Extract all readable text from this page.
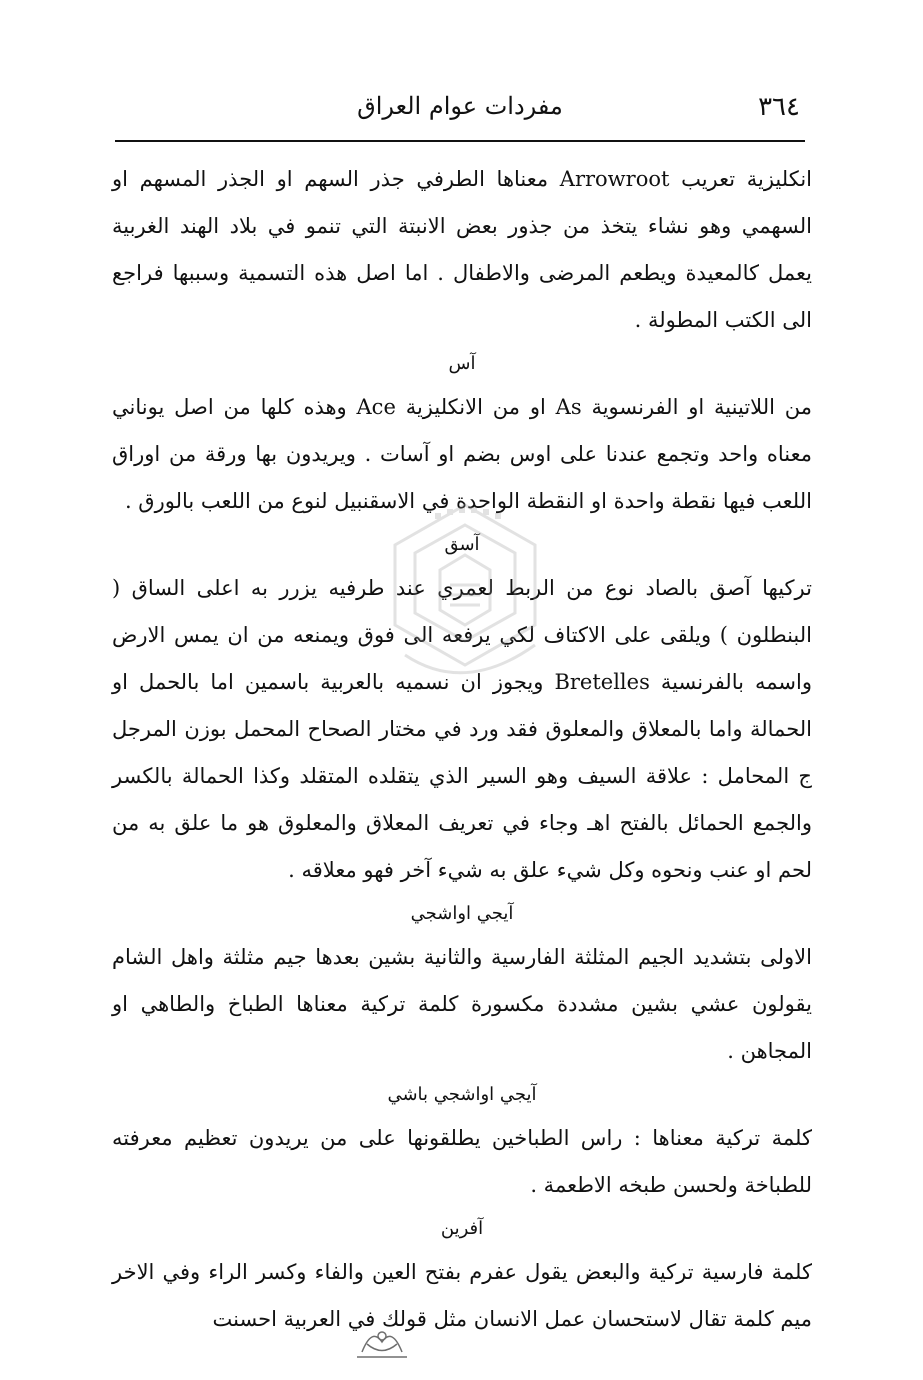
مفردات عوام العراق	٣٦٤

انكليزية تعريب Arrowroot معناها الطرفي جذر السهم او الجذر المسهم او السهمي وهو نشاء يتخذ من جذور بعض الانبتة التي تنمو في بلاد الهند الغربية يعمل كالمعيدة ويطعم المرضى والاطفال . اما اصل هذه التسمية وسببها فراجع الى الكتب المطولة .

آس

من اللاتينية او الفرنسوية As او من الانكليزية Ace وهذه كلها من اصل يوناني معناه واحد وتجمع عندنا على اوس بضم او آسات . ويريدون بها ورقة من اوراق اللعب فيها نقطة واحدة او النقطة الواحدة في الاسقنبيل لنوع من اللعب بالورق .

آسق

تركيها آصق بالصاد نوع من الربط لعمري عند طرفيه يزرر به اعلى الساق ( البنطلون ) ويلقى على الاكتاف لكي يرفعه الى فوق ويمنعه من ان يمس الارض واسمه بالفرنسية Bretelles ويجوز ان نسميه بالعربية باسمين اما بالحمل او الحمالة واما بالمعلاق والمعلوق فقد ورد في مختار الصحاح المحمل بوزن المرجل ج المحامل : علاقة السيف وهو السير الذي يتقلده المتقلد وكذا الحمالة بالكسر والجمع الحمائل بالفتح اهـ وجاء في تعريف المعلاق والمعلوق هو ما علق به من لحم او عنب ونحوه وكل شيء علق به شيء آخر فهو معلاقه .

آيجي اواشجي

الاولى بتشديد الجيم المثلثة الفارسية والثانية بشين بعدها جيم مثلثة واهل الشام يقولون عشي بشين مشددة مكسورة كلمة تركية معناها الطباخ والطاهي او المجاهن .

آيجي اواشجي باشي

كلمة تركية معناها : راس الطباخين يطلقونها على من يريدون تعظيم معرفته للطباخة ولحسن طبخه الاطعمة .

آفرين

كلمة فارسية تركية والبعض يقول عفرم بفتح العين والفاء وكسر الراء وفي الاخر ميم كلمة تقال لاستحسان عمل الانسان مثل قولك في العربية احسنت
